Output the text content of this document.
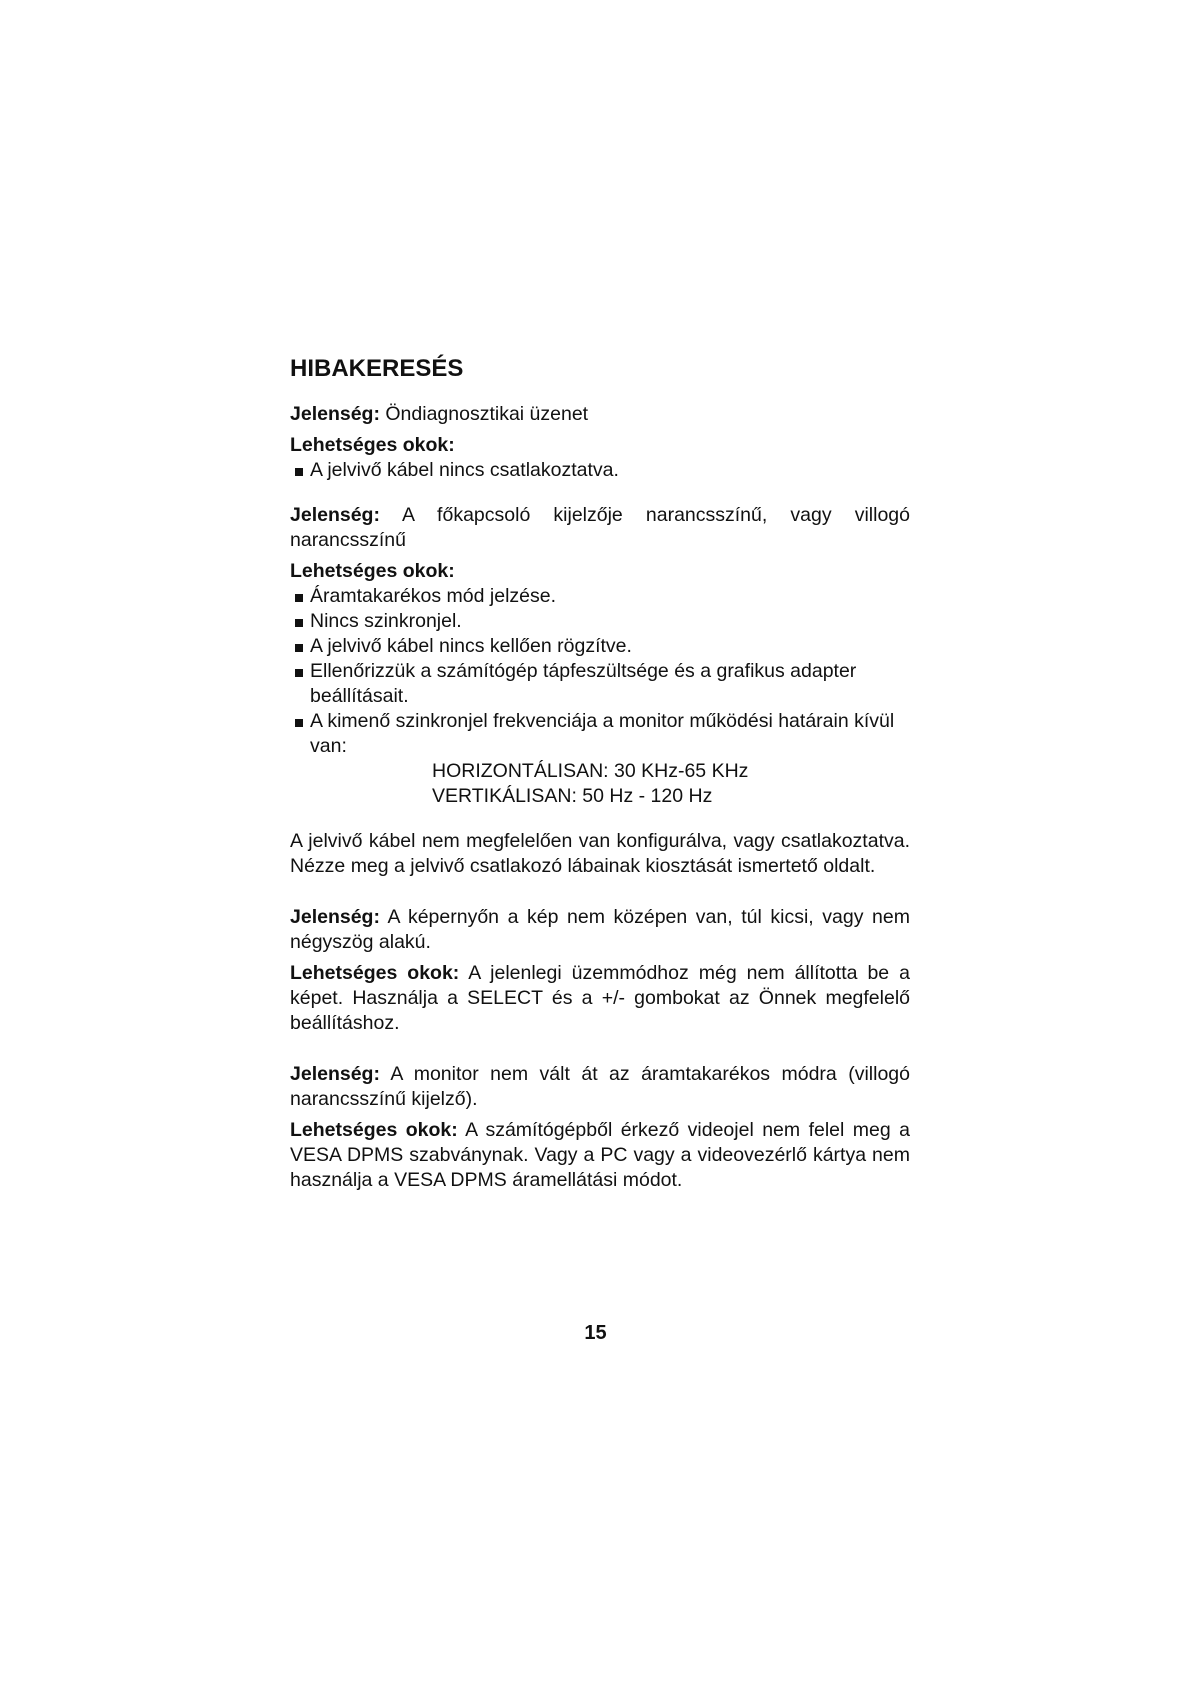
HIBAKERESÉS
Jelenség: Öndiagnosztikai üzenet
Lehetséges okok:
A jelvivő kábel nincs csatlakoztatva.
Jelenség: A főkapcsoló kijelzője narancsszínű, vagy villogó narancsszínű
Lehetséges okok:
Áramtakarékos mód jelzése.
Nincs szinkronjel.
A jelvivő kábel nincs kellően rögzítve.
Ellenőrizzük a számítógép tápfeszültsége és a grafikus adapter beállításait.
A kimenő szinkronjel frekvenciája a monitor működési határain kívül van:
HORIZONTÁLISAN: 30 KHz-65 KHz
VERTIKÁLISAN: 50 Hz - 120 Hz
A jelvivő kábel nem megfelelően van konfigurálva, vagy csatlakoztatva. Nézze meg a jelvivő csatlakozó lábainak kiosztását ismertető oldalt.
Jelenség: A képernyőn a kép nem középen van, túl kicsi, vagy nem négyszög alakú.
Lehetséges okok: A jelenlegi üzemmódhoz még nem állította be a képet. Használja a SELECT és a +/- gombokat az Önnek megfelelő beállításhoz.
Jelenség: A monitor nem vált át az áramtakarékos módra (villogó narancsszínű kijelző).
Lehetséges okok: A számítógépből érkező videojel nem felel meg a VESA DPMS szabványnak. Vagy a PC vagy a videovezérlő kártya nem használja a VESA DPMS áramellátási módot.
15
